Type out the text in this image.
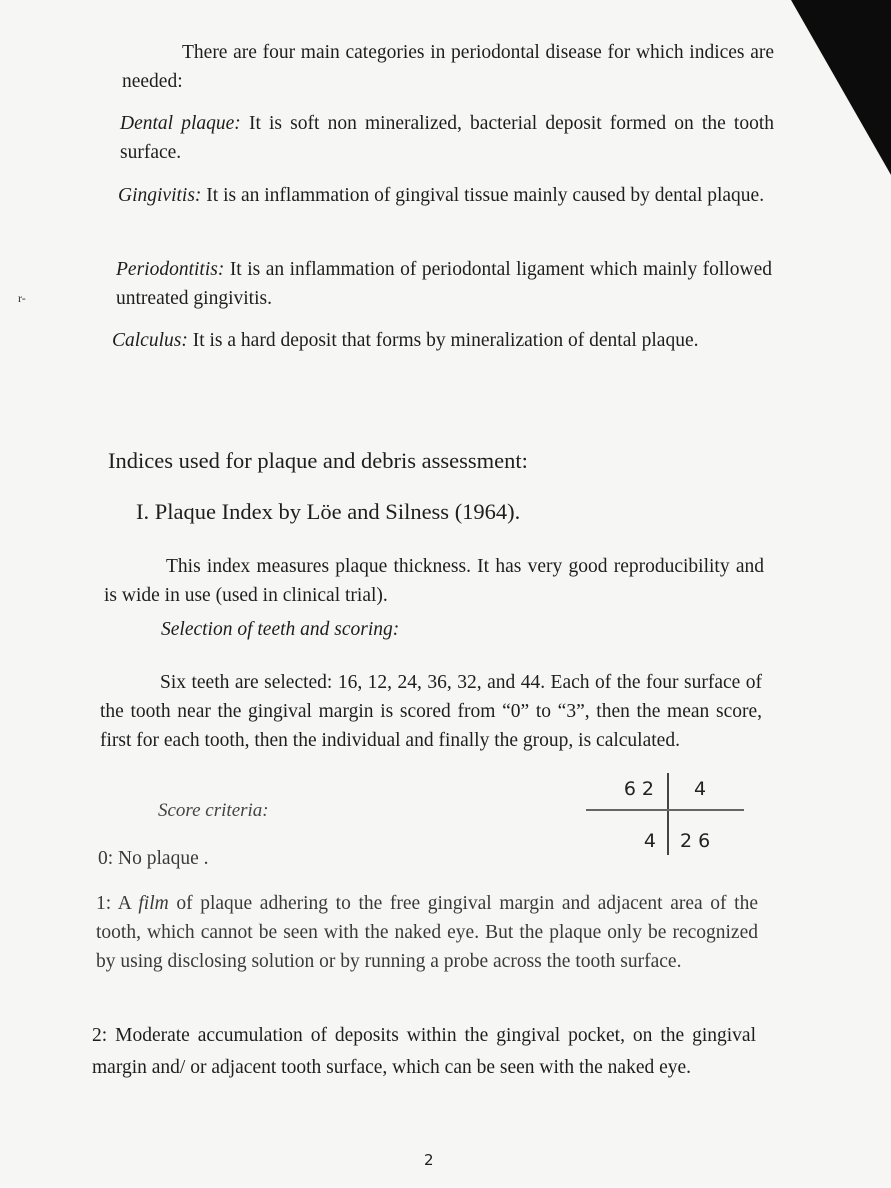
r-

There are four main categories in periodontal disease for which indices are needed:

Dental plaque: It is soft non mineralized, bacterial deposit formed on the tooth surface.

Gingivitis: It is an inflammation of gingival tissue mainly caused by dental plaque.

Periodontitis: It is an inflammation of periodontal ligament which mainly followed untreated gingivitis.

Calculus: It is a hard deposit that forms by mineralization of dental plaque.

Indices used for plaque and debris assessment:
I. Plaque Index by Löe and Silness (1964).

This index measures plaque thickness. It has very good reproducibility and is wide in use (used in clinical trial).

Selection of teeth and scoring:

Six teeth are selected: 16, 12, 24, 36, 32, and 44. Each of the four surface of the tooth near the gingival margin is scored from “0” to “3”, then the mean score, first for each tooth, then the individual and finally the group, is calculated.

62 4
4 26

Score criteria:

0: No plaque .

1: A film of plaque adhering to the free gingival margin and adjacent area of the tooth, which cannot be seen with the naked eye. But the plaque only be recognized by using disclosing solution or by running a probe across the tooth surface.

2: Moderate accumulation of deposits within the gingival pocket, on the gingival margin and/ or adjacent tooth surface, which can be seen with the naked eye.

2
